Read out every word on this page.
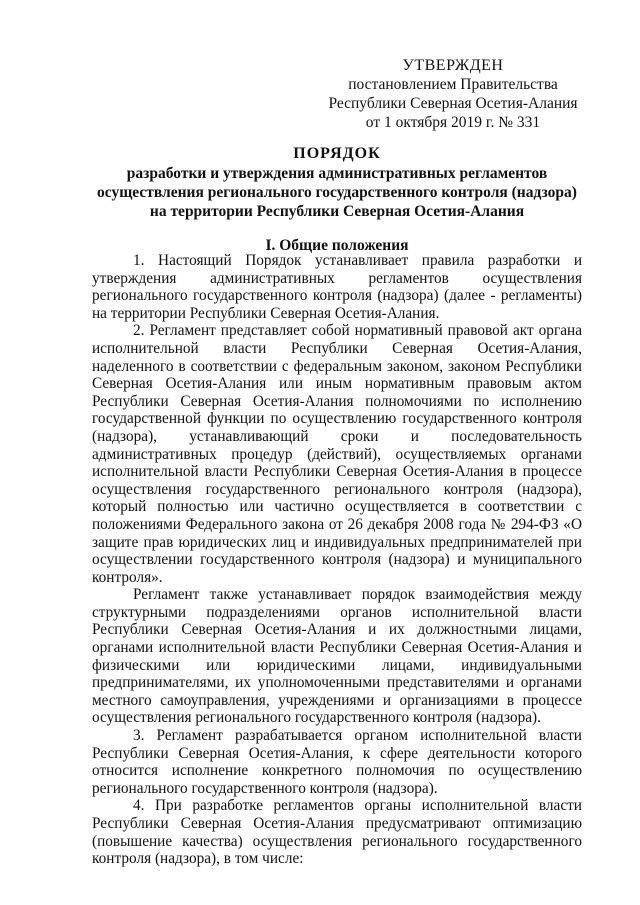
УТВЕРЖДЕН
постановлением Правительства
Республики Северная Осетия-Алания
от 1 октября 2019 г. № 331
ПОРЯДОК
разработки и утверждения административных регламентов
осуществления регионального государственного контроля (надзора)
на территории Республики Северная Осетия-Алания
I. Общие положения

1. Настоящий Порядок устанавливает правила разработки и утверждения административных регламентов осуществления регионального государственного контроля (надзора) (далее - регламенты) на территории Республики Северная Осетия-Алания.

2. Регламент представляет собой нормативный правовой акт органа исполнительной власти Республики Северная Осетия-Алания, наделенного в соответствии с федеральным законом, законом Республики Северная Осетия-Алания или иным нормативным правовым актом Республики Северная Осетия-Алания полномочиями по исполнению государственной функции по осуществлению государственного контроля (надзора), устанавливающий сроки и последовательность административных процедур (действий), осуществляемых органами исполнительной власти Республики Северная Осетия-Алания в процессе осуществления государственного регионального контроля (надзора), который полностью или частично осуществляется в соответствии с положениями Федерального закона от 26 декабря 2008 года № 294-ФЗ «О защите прав юридических лиц и индивидуальных предпринимателей при осуществлении государственного контроля (надзора) и муниципального контроля».

Регламент также устанавливает порядок взаимодействия между структурными подразделениями органов исполнительной власти Республики Северная Осетия-Алания и их должностными лицами, органами исполнительной власти Республики Северная Осетия-Алания и физическими или юридическими лицами, индивидуальными предпринимателями, их уполномоченными представителями и органами местного самоуправления, учреждениями и организациями в процессе осуществления регионального государственного контроля (надзора).

3. Регламент разрабатывается органом исполнительной власти Республики Северная Осетия-Алания, к сфере деятельности которого относится исполнение конкретного полномочия по осуществлению регионального государственного контроля (надзора).

4. При разработке регламентов органы исполнительной власти Республики Северная Осетия-Алания предусматривают оптимизацию (повышение качества) осуществления регионального государственного контроля (надзора), в том числе:
